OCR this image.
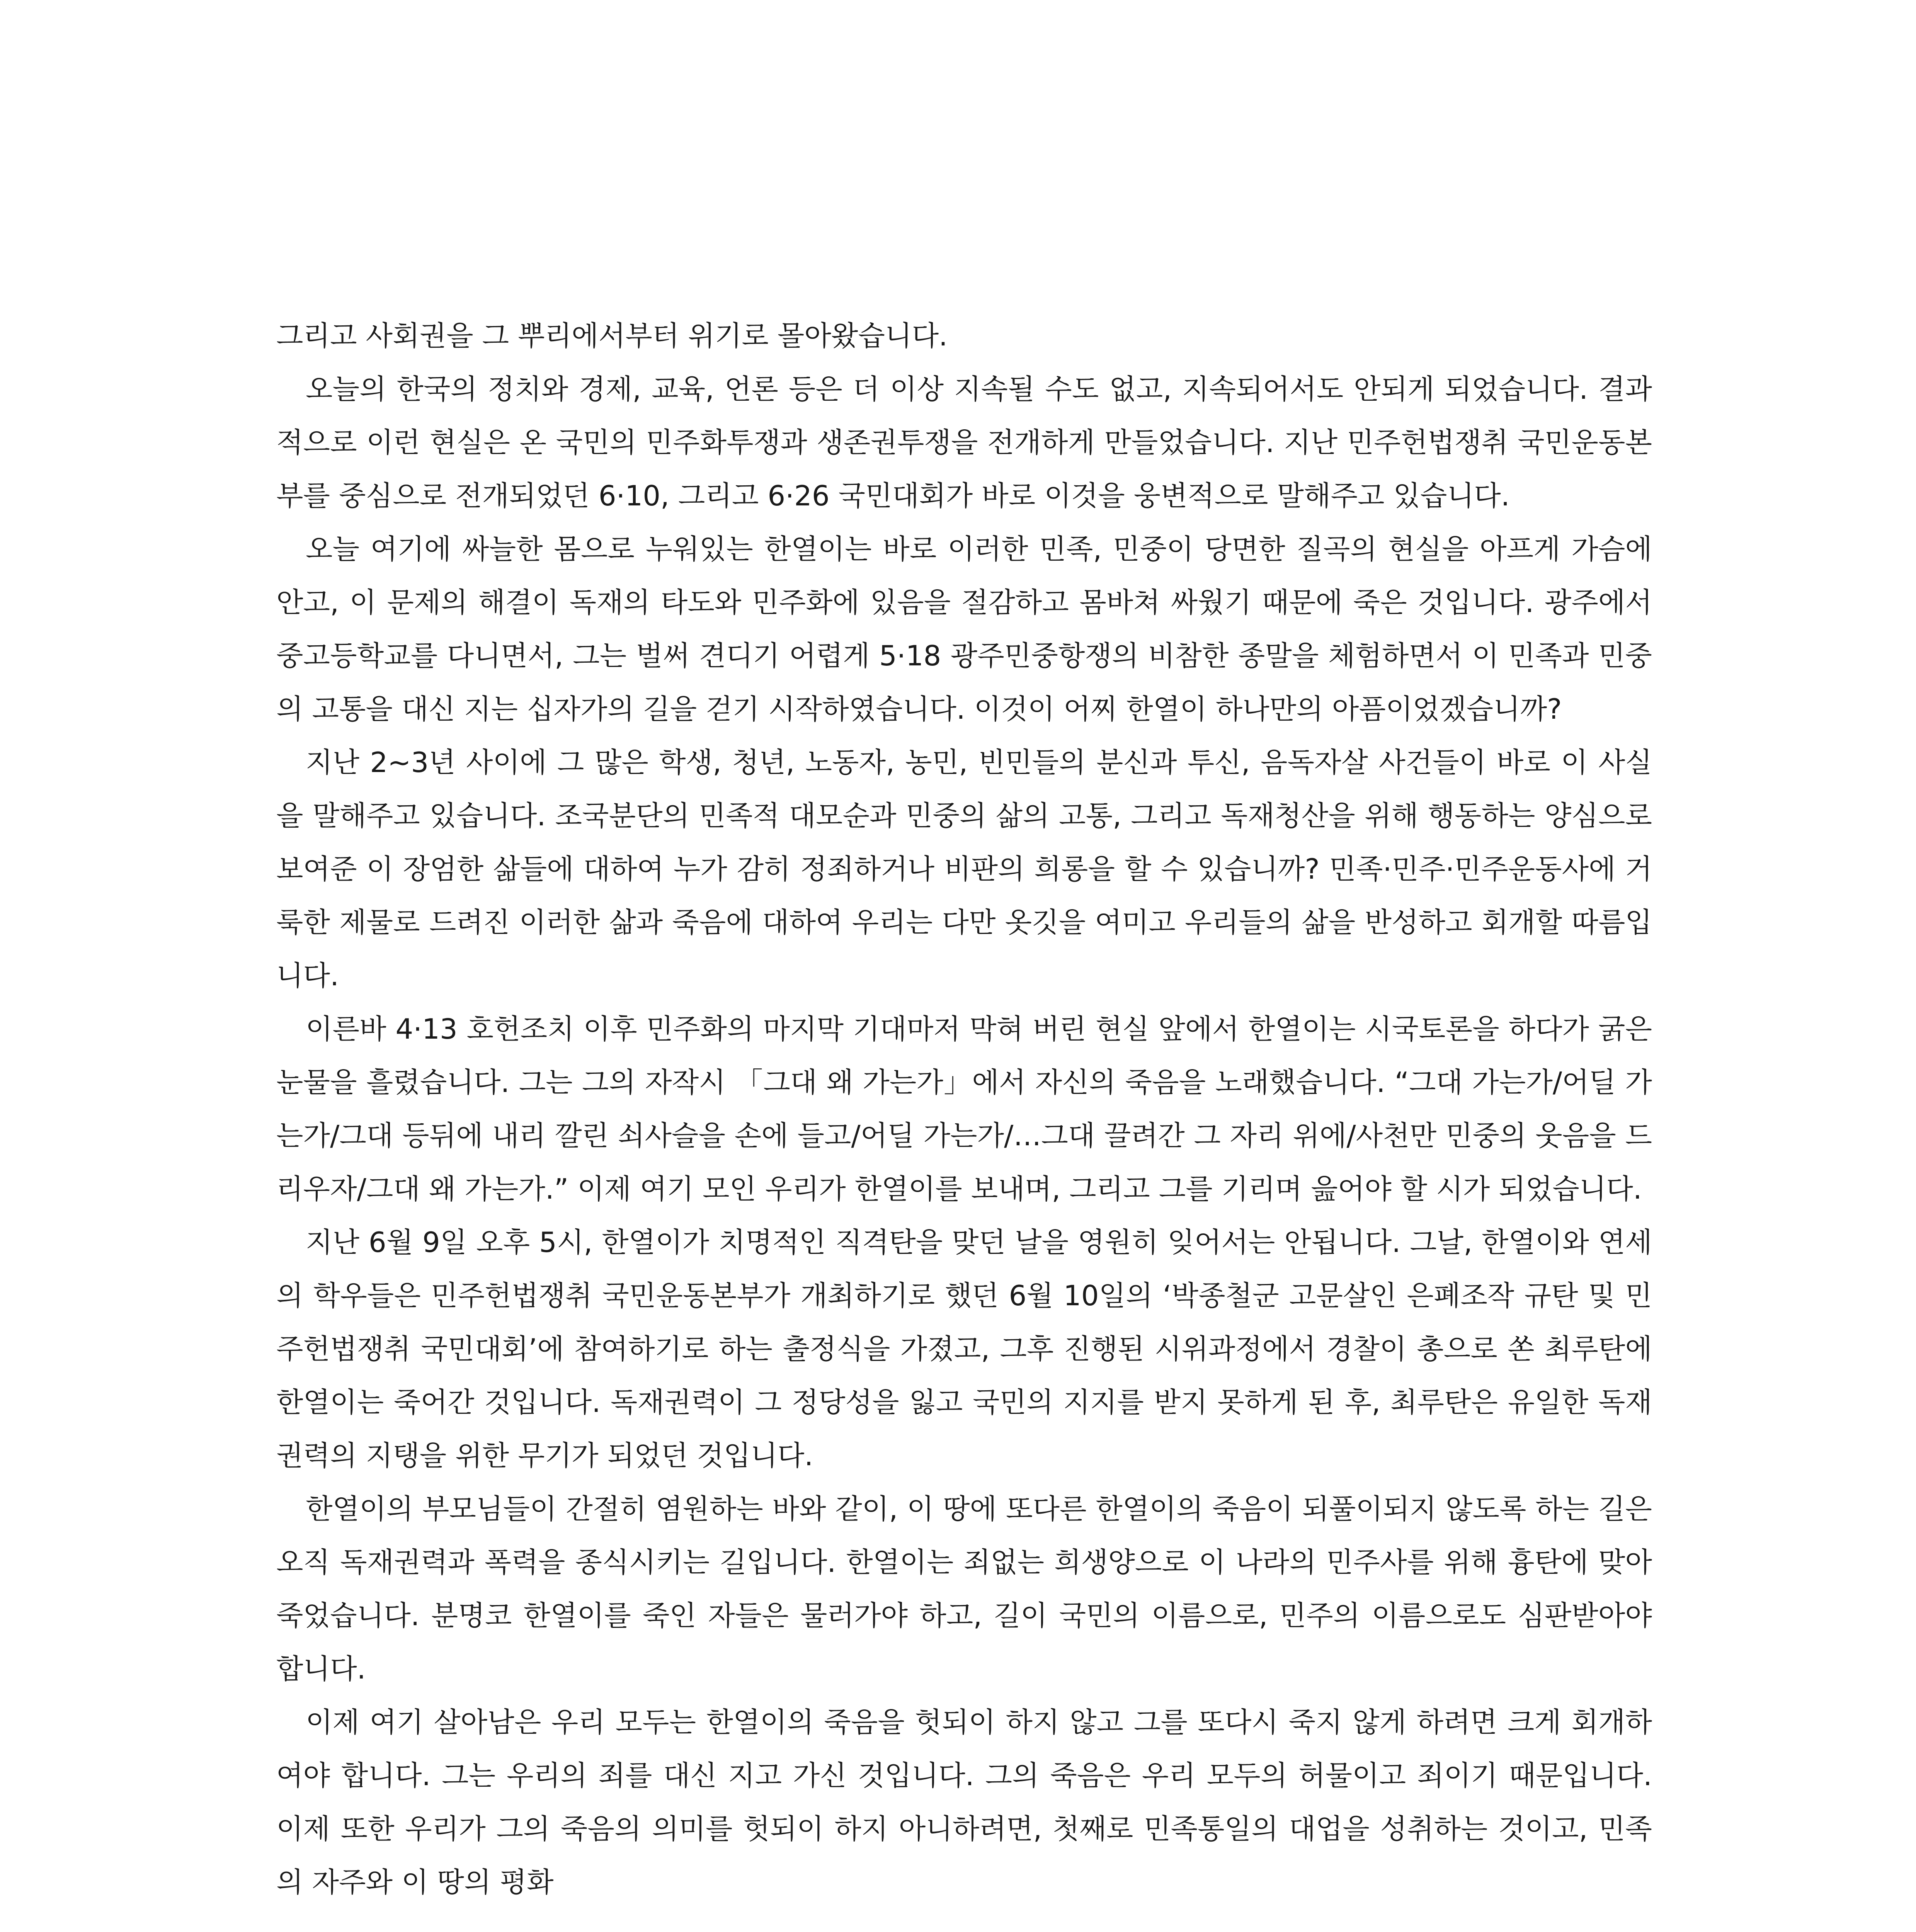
그리고 사회권을 그 뿌리에서부터 위기로 몰아왔습니다.

오늘의 한국의 정치와 경제, 교육, 언론 등은 더 이상 지속될 수도 없고, 지속되어서도 안되게 되었습니다. 결과적으로 이런 현실은 온 국민의 민주화투쟁과 생존권투쟁을 전개하게 만들었습니다. 지난 민주헌법쟁취 국민운동본부를 중심으로 전개되었던 6·10, 그리고 6·26 국민대회가 바로 이것을 웅변적으로 말해주고 있습니다.

오늘 여기에 싸늘한 몸으로 누워있는 한열이는 바로 이러한 민족, 민중이 당면한 질곡의 현실을 아프게 가슴에 안고, 이 문제의 해결이 독재의 타도와 민주화에 있음을 절감하고 몸바쳐 싸웠기 때문에 죽은 것입니다. 광주에서 중고등학교를 다니면서, 그는 벌써 견디기 어렵게 5·18 광주민중항쟁의 비참한 종말을 체험하면서 이 민족과 민중의 고통을 대신 지는 십자가의 길을 걷기 시작하였습니다. 이것이 어찌 한열이 하나만의 아픔이었겠습니까?

지난 2~3년 사이에 그 많은 학생, 청년, 노동자, 농민, 빈민들의 분신과 투신, 음독자살 사건들이 바로 이 사실을 말해주고 있습니다. 조국분단의 민족적 대모순과 민중의 삶의 고통, 그리고 독재청산을 위해 행동하는 양심으로 보여준 이 장엄한 삶들에 대하여 누가 감히 정죄하거나 비판의 희롱을 할 수 있습니까? 민족·민주·민주운동사에 거룩한 제물로 드려진 이러한 삶과 죽음에 대하여 우리는 다만 옷깃을 여미고 우리들의 삶을 반성하고 회개할 따름입니다.

이른바 4·13 호헌조치 이후 민주화의 마지막 기대마저 막혀 버린 현실 앞에서 한열이는 시국토론을 하다가 굵은 눈물을 흘렸습니다. 그는 그의 자작시 「그대 왜 가는가」에서 자신의 죽음을 노래했습니다. “그대 가는가/어딜 가는가/그대 등뒤에 내리 깔린 쇠사슬을 손에 들고/어딜 가는가/…그대 끌려간 그 자리 위에/사천만 민중의 웃음을 드리우자/그대 왜 가는가.” 이제 여기 모인 우리가 한열이를 보내며, 그리고 그를 기리며 읊어야 할 시가 되었습니다.

지난 6월 9일 오후 5시, 한열이가 치명적인 직격탄을 맞던 날을 영원히 잊어서는 안됩니다. 그날, 한열이와 연세의 학우들은 민주헌법쟁취 국민운동본부가 개최하기로 했던 6월 10일의 ‘박종철군 고문살인 은폐조작 규탄 및 민주헌법쟁취 국민대회’에 참여하기로 하는 출정식을 가졌고, 그후 진행된 시위과정에서 경찰이 총으로 쏜 최루탄에 한열이는 죽어간 것입니다. 독재권력이 그 정당성을 잃고 국민의 지지를 받지 못하게 된 후, 최루탄은 유일한 독재권력의 지탱을 위한 무기가 되었던 것입니다.

한열이의 부모님들이 간절히 염원하는 바와 같이, 이 땅에 또다른 한열이의 죽음이 되풀이되지 않도록 하는 길은 오직 독재권력과 폭력을 종식시키는 길입니다. 한열이는 죄없는 희생양으로 이 나라의 민주사를 위해 흉탄에 맞아 죽었습니다. 분명코 한열이를 죽인 자들은 물러가야 하고, 길이 국민의 이름으로, 민주의 이름으로도 심판받아야 합니다.

이제 여기 살아남은 우리 모두는 한열이의 죽음을 헛되이 하지 않고 그를 또다시 죽지 않게 하려면 크게 회개하여야 합니다. 그는 우리의 죄를 대신 지고 가신 것입니다. 그의 죽음은 우리 모두의 허물이고 죄이기 때문입니다. 이제 또한 우리가 그의 죽음의 의미를 헛되이 하지 아니하려면, 첫째로 민족통일의 대업을 성취하는 것이고, 민족의 자주와 이 땅의 평화
